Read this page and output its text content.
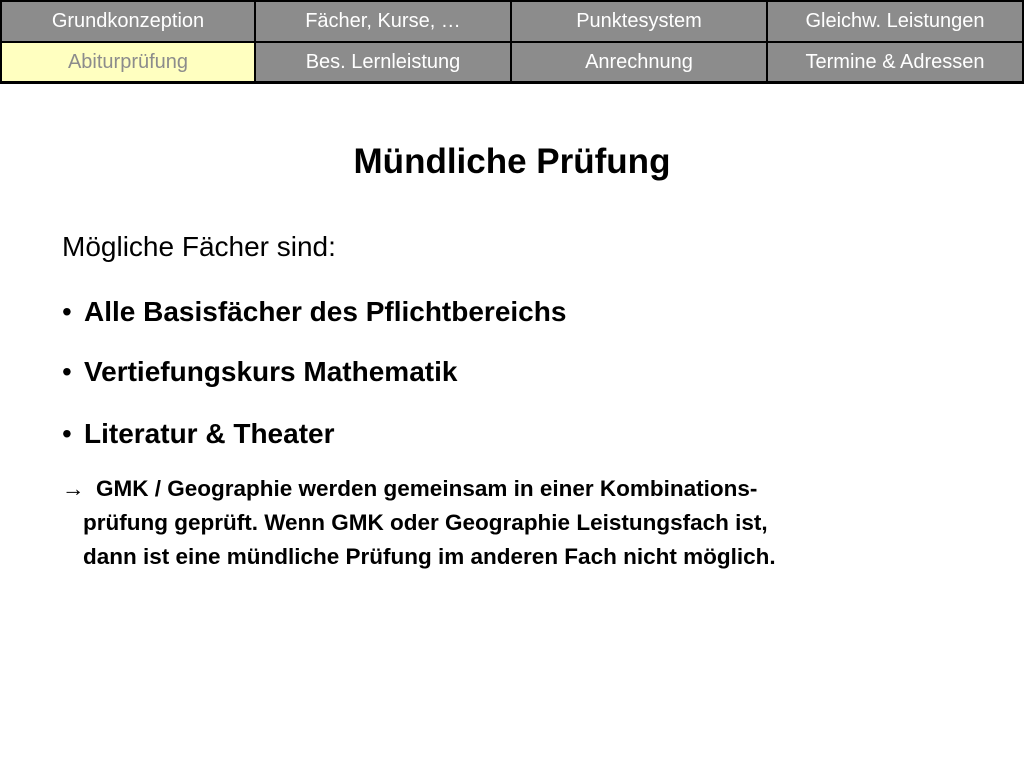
Grundkonzeption	Fächer, Kurse, …	Punktesystem	Gleichw. Leistungen
Abiturprüfung	Bes. Lernleistung	Anrechnung	Termine & Adressen
Mündliche Prüfung
Mögliche Fächer sind:
• Alle Basisfächer des Pflichtbereichs
• Vertiefungskurs Mathematik
• Literatur & Theater
→ GMK / Geographie werden gemeinsam in einer Kombinations-
prüfung geprüft. Wenn GMK oder Geographie Leistungsfach ist,
dann ist eine mündliche Prüfung im anderen Fach nicht möglich.
